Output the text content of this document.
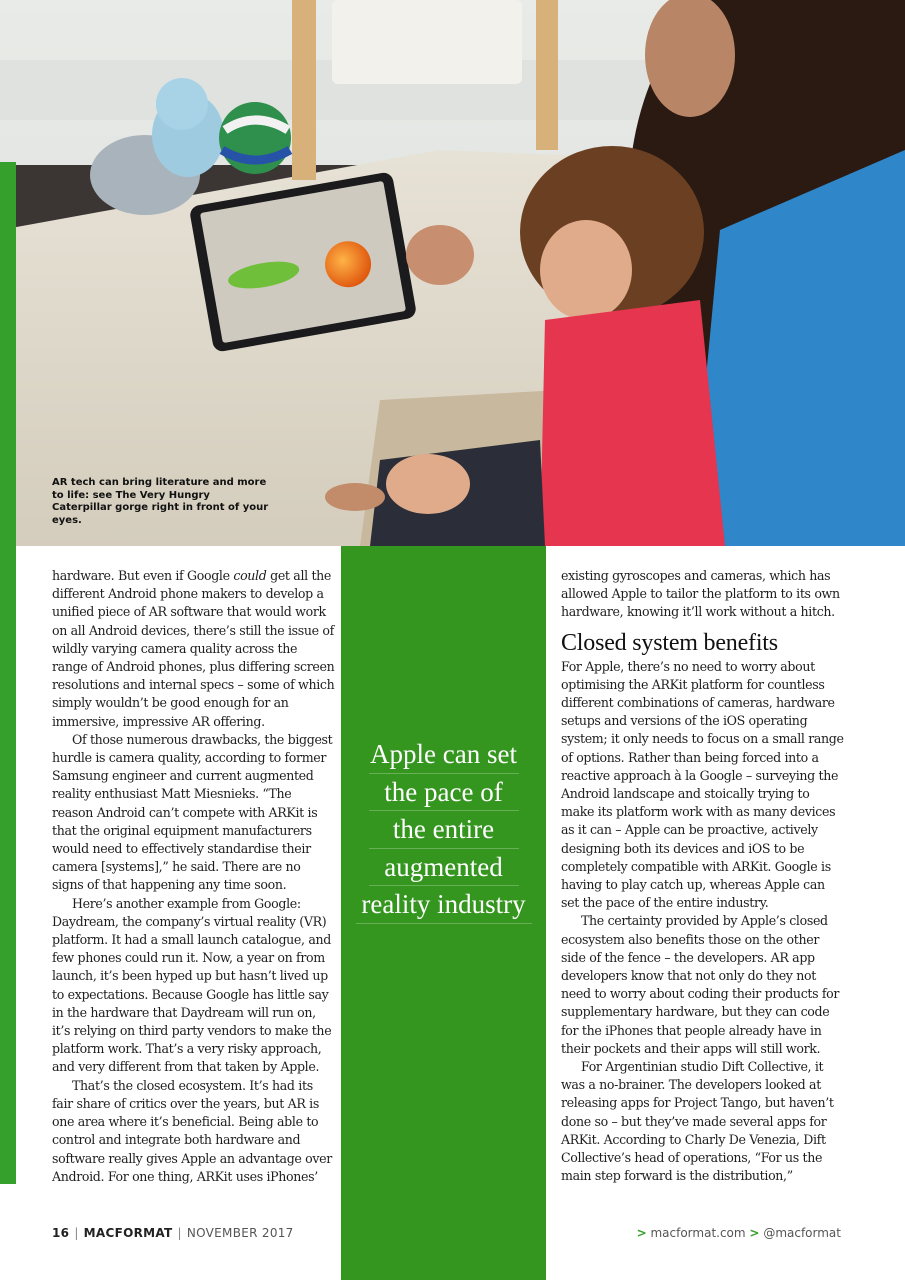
AR tech can bring literature and more to life: see The Very Hungry Caterpillar gorge right in front of your eyes.

hardware. But even if Google could get all the different Android phone makers to develop a unified piece of AR software that would work on all Android devices, there’s still the issue of wildly varying camera quality across the range of Android phones, plus differing screen resolutions and internal specs – some of which simply wouldn’t be good enough for an immersive, impressive AR offering.

Of those numerous drawbacks, the biggest hurdle is camera quality, according to former Samsung engineer and current augmented reality enthusiast Matt Miesnieks. “The reason Android can’t compete with ARKit is that the original equipment manufacturers would need to effectively standardise their camera [systems],” he said. There are no signs of that happening any time soon.

Here’s another example from Google: Daydream, the company’s virtual reality (VR) platform. It had a small launch catalogue, and few phones could run it. Now, a year on from launch, it’s been hyped up but hasn’t lived up to expectations. Because Google has little say in the hardware that Daydream will run on, it’s relying on third party vendors to make the platform work. That’s a very risky approach, and very different from that taken by Apple.

That’s the closed ecosystem. It’s had its fair share of critics over the years, but AR is one area where it’s beneficial. Being able to control and integrate both hardware and software really gives Apple an advantage over Android. For one thing, ARKit uses iPhones’

Apple can set
the pace of
the entire
augmented
reality industry

existing gyroscopes and cameras, which has allowed Apple to tailor the platform to its own hardware, knowing it’ll work without a hitch.

Closed system benefits

For Apple, there’s no need to worry about optimising the ARKit platform for countless different combinations of cameras, hardware setups and versions of the iOS operating system; it only needs to focus on a small range of options. Rather than being forced into a reactive approach à la Google – surveying the Android landscape and stoically trying to make its platform work with as many devices as it can – Apple can be proactive, actively designing both its devices and iOS to be completely compatible with ARKit. Google is having to play catch up, whereas Apple can set the pace of the entire industry.

The certainty provided by Apple’s closed ecosystem also benefits those on the other side of the fence – the developers. AR app developers know that not only do they not need to worry about coding their products for supplementary hardware, but they can code for the iPhones that people already have in their pockets and their apps will still work.

For Argentinian studio Dift Collective, it was a no-brainer. The developers looked at releasing apps for Project Tango, but haven’t done so – but they’ve made several apps for ARKit. According to Charly De Venezia, Dift Collective’s head of operations, “For us the main step forward is the distribution,”

16 | MACFORMAT | NOVEMBER 2017	> macformat.com > @macformat
